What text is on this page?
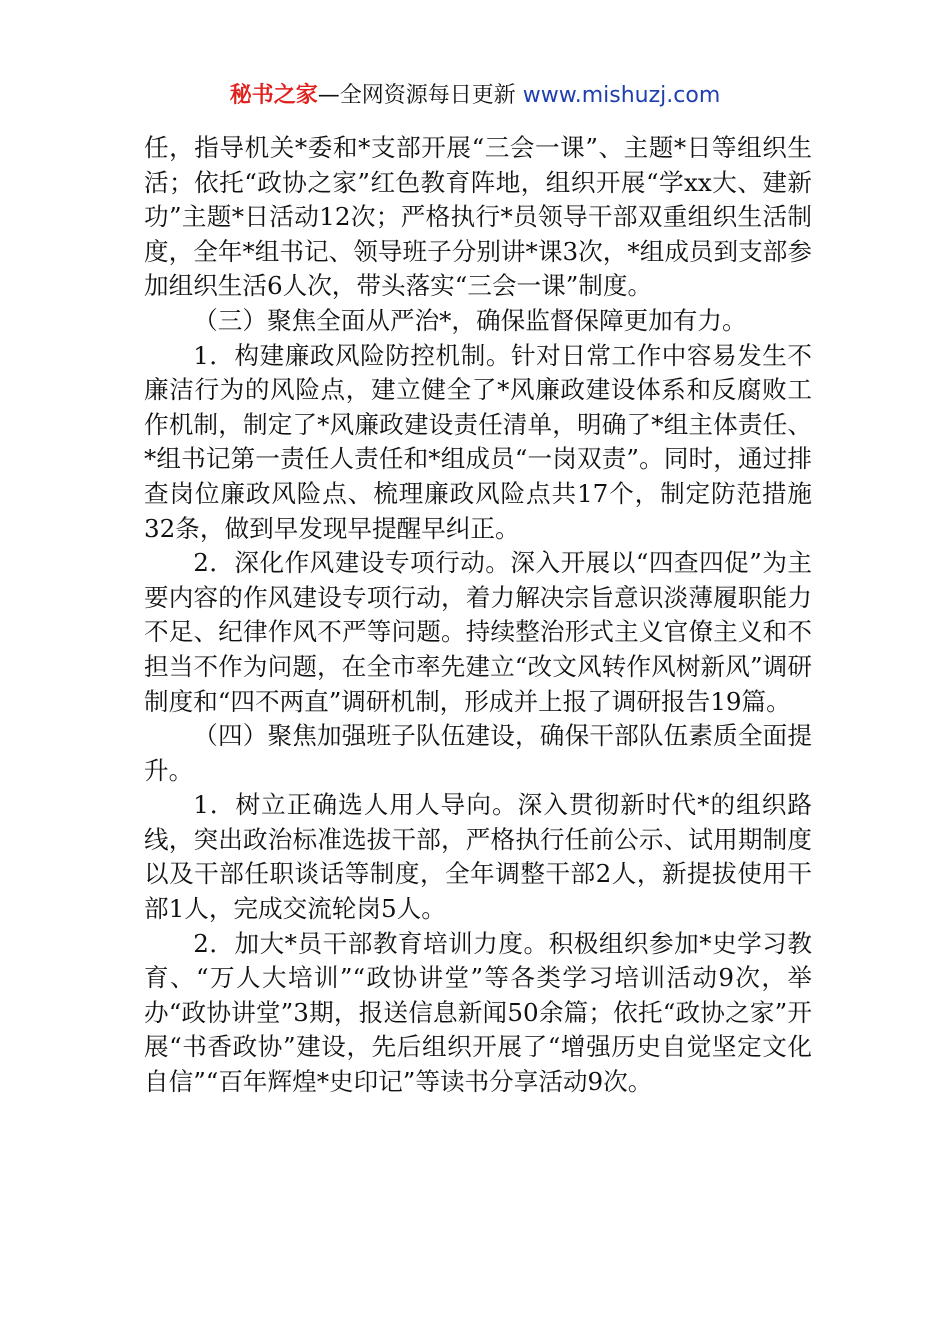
秘书之家—全网资源每日更新 www.mishuzj.com

任，指导机关*委和*支部开展“三会一课”、主题*日等组织生活；依托“政协之家”红色教育阵地，组织开展“学xx大、建新功”主题*日活动12次；严格执行*员领导干部双重组织生活制度，全年*组书记、领导班子分别讲*课3次，*组成员到支部参加组织生活6人次，带头落实“三会一课”制度。

（三）聚焦全面从严治*，确保监督保障更加有力。

1．构建廉政风险防控机制。针对日常工作中容易发生不廉洁行为的风险点，建立健全了*风廉政建设体系和反腐败工作机制，制定了*风廉政建设责任清单，明确了*组主体责任、*组书记第一责任人责任和*组成员“一岗双责”。同时，通过排查岗位廉政风险点、梳理廉政风险点共17个，制定防范措施32条，做到早发现早提醒早纠正。

2．深化作风建设专项行动。深入开展以“四查四促”为主要内容的作风建设专项行动，着力解决宗旨意识淡薄履职能力不足、纪律作风不严等问题。持续整治形式主义官僚主义和不担当不作为问题，在全市率先建立“改文风转作风树新风”调研制度和“四不两直”调研机制，形成并上报了调研报告19篇。

（四）聚焦加强班子队伍建设，确保干部队伍素质全面提升。

1．树立正确选人用人导向。深入贯彻新时代*的组织路线，突出政治标准选拔干部，严格执行任前公示、试用期制度以及干部任职谈话等制度，全年调整干部2人，新提拔使用干部1人，完成交流轮岗5人。

2．加大*员干部教育培训力度。积极组织参加*史学习教育、“万人大培训”“政协讲堂”等各类学习培训活动9次，举办“政协讲堂”3期，报送信息新闻50余篇；依托“政协之家”开展“书香政协”建设，先后组织开展了“增强历史自觉坚定文化自信”“百年辉煌*史印记”等读书分享活动9次。
